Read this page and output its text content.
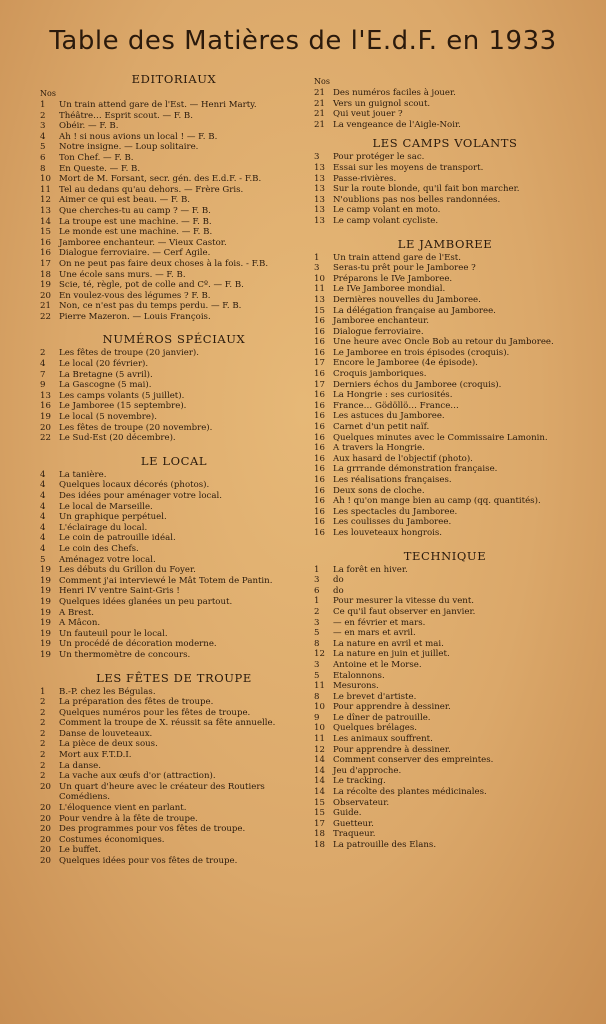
Table des Matières de l'E.d.F. en 1933
EDITORIAUX
Nos
1	Un train attend gare de l'Est. — Henri Marty.
2	Théâtre… Esprit scout. — F. B.
3	Obéir. — F. B.
4	Ah ! si nous avions un local ! — F. B.
5	Notre insigne. — Loup solitaire.
6	Ton Chef. — F. B.
8	En Queste. — F. B.
10 Mort de M. Forsant, secr. gén. des E.d.F. - F.B.
11 Tel au dedans qu'au dehors. — Frère Gris.
12 Aimer ce qui est beau. — F. B.
13 Que cherches-tu au camp ? — F. B.
14 La troupe est une machine. — F. B.
15 Le monde est une machine. — F. B.
16 Jamboree enchanteur. — Vieux Castor.
16 Dialogue ferroviaire. — Cerf Agile.
17 On ne peut pas faire deux choses à la fois. - F.B.
18 Une école sans murs. — F. B.
19 Scie, té, règle, pot de colle and Cº. — F. B.
20 En voulez-vous des légumes ? F. B.
21 Non, ce n'est pas du temps perdu. — F. B.
22 Pierre Mazeron. — Louis François.
NUMÉROS SPÉCIAUX
2	Les fêtes de troupe (20 janvier).
4	Le local (20 février).
7	La Bretagne (5 avril).
9	La Gascogne (5 mai).
13 Les camps volants (5 juillet).
16 Le Jamboree (15 septembre).
19 Le local (5 novembre).
20 Les fêtes de troupe (20 novembre).
22 Le Sud-Est (20 décembre).
LE LOCAL
4	La tanière.
4	Quelques locaux décorés (photos).
4	Des idées pour aménager votre local.
4	Le local de Marseille.
4	Un graphique perpétuel.
4	L'éclairage du local.
4	Le coin de patrouille idéal.
4	Le coin des Chefs.
5	Aménagez votre local.
19 Les débuts du Grillon du Foyer.
19 Comment j'ai interviewé le Mât Totem de Pantin.
19 Henri IV ventre Saint-Gris !
19 Quelques idées glanées un peu partout.
19 A Brest.
19 A Mâcon.
19 Un fauteuil pour le local.
19 Un procédé de décoration moderne.
19 Un thermomètre de concours.
LES FÊTES DE TROUPE
1	B.-P. chez les Bégulas.
2	La préparation des fêtes de troupe.
2	Quelques numéros pour les fêtes de troupe.
2	Comment la troupe de X. réussit sa fête annuelle.
2	Danse de louveteaux.
2	La pièce de deux sous.
2	Mort aux F.T.D.I.
2	La danse.
2	La vache aux œufs d'or (attraction).
20 Un quart d'heure avec le créateur des Routiers Comédiens.
20 L'éloquence vient en parlant.
20 Pour vendre à la fête de troupe.
20 Des programmes pour vos fêtes de troupe.
20 Costumes économiques.
20 Le buffet.
20 Quelques idées pour vos fêtes de troupe.
Nos
21 Des numéros faciles à jouer.
21 Vers un guignol scout.
21 Qui veut jouer ?
21 La vengeance de l'Aigle-Noir.
LES CAMPS VOLANTS
3	Pour protéger le sac.
13 Essai sur les moyens de transport.
13 Passe-rivières.
13 Sur la route blonde, qu'il fait bon marcher.
13 N'oublions pas nos belles randonnées.
13 Le camp volant en moto.
13 Le camp volant cycliste.
LE JAMBOREE
1	Un train attend gare de l'Est.
3	Seras-tu prêt pour le Jamboree ?
10 Préparons le IVe Jamboree.
11 Le IVe Jamboree mondial.
13 Dernières nouvelles du Jamboree.
15 La délégation française au Jamboree.
16 Jamboree enchanteur.
16 Dialogue ferroviaire.
16 Une heure avec Oncle Bob au retour du Jamboree.
16 Le Jamboree en trois épisodes (croquis).
17 Encore le Jamboree (4e épisode).
16 Croquis jamboriques.
17 Derniers échos du Jamboree (croquis).
16 La Hongrie : ses curiosités.
16 France… Gödöllö… France…
16 Les astuces du Jamboree.
16 Carnet d'un petit naïf.
16 Quelques minutes avec le Commissaire Lamonin.
16 A travers la Hongrie.
16 Aux hasard de l'objectif (photo).
16 La grrrande démonstration française.
16 Les réalisations françaises.
16 Deux sons de cloche.
16 Ah ! qu'on mange bien au camp (qq. quantités).
16 Les spectacles du Jamboree.
16 Les coulisses du Jamboree.
16 Les louveteaux hongrois.
TECHNIQUE
1	La forêt en hiver.
3	do
6	do
1	Pour mesurer la vitesse du vent.
2	Ce qu'il faut observer en janvier.
3	— en février et mars.
5	— en mars et avril.
8	La nature en avril et mai.
12 La nature en juin et juillet.
3	Antoine et le Morse.
5	Etalonnons.
11 Mesurons.
8	Le brevet d'artiste.
10 Pour apprendre à dessiner.
9	Le dîner de patrouille.
10 Quelques brélages.
11 Les animaux souffrent.
12 Pour apprendre à dessiner.
14 Comment conserver des empreintes.
14 Jeu d'approche.
14 Le tracking.
14 La récolte des plantes médicinales.
15 Observateur.
15 Guide.
17 Guetteur.
18 Traqueur.
18 La patrouille des Elans.
